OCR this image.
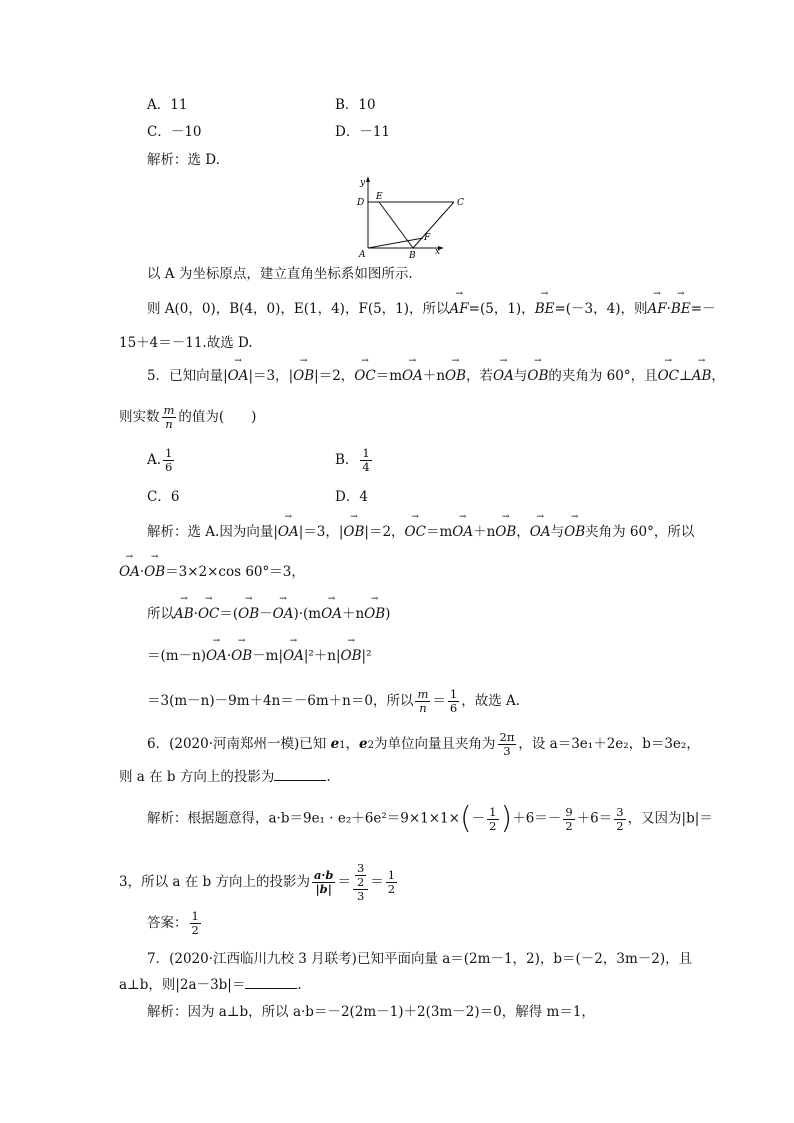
A．11	B．10
C．－10	D．－11
解析：选 D.
y
D
E
C
F
A	B x
以 A 为坐标原点，建立直角坐标系如图所示.
则 A(0，0)，B(4，0)，E(1，4)，F(5，1)，所以→ AF=(5，1)，→ BE=(－3，4)，则→ AF·→ BE=－
15＋4＝－11.故选 D.
5．已知向量|→ OA|＝3，|→ OB|＝2，→ OC＝m→ OA＋n→ OB，若→ OA与→ OB的夹角为 60°，且→ OC⊥→ AB，
则实数 $\frac{m}{n}$ 的值为(　　)
A. $\frac{1}{6}$	B． $\frac{1}{4}$
C．6	D．4
解析：选 A.因为向量|→ OA|＝3，|→ OB|＝2，→ OC＝m→ OA＋n→ OB，→ OA与→ OB夹角为 60°，所以
→ OA·→ OB＝3×2×cos 60°＝3，
所以→ AB·→ OC＝(→ OB－→ OA)·(m→ OA＋n→ OB)
＝(m－n)→ OA·→ OB－m|→ OA|²＋n|→ OB|²
＝3(m－n)－9m＋4n＝－6m＋n＝0，所以 $\frac{m}{n} = \frac{1}{6}$ ，故选 A.
6．(2020·河南郑州一模)已知 e1，e2为单位向量且夹角为 $\frac{2\pi}{3}$ ，设 a＝3e₁＋2e₂，b＝3e₂，
则 a 在 b 方向上的投影为	.
解析：根据题意得，$a\cdot b=9e_1 \cdot e_2+6e^2=9\times 1\times 1\times(- \frac{1}{2} )+6=- \frac{9}{2} +6= \frac{3}{2}$ ，又因为|b|＝
3，所以 a 在 b 方向上的投影为 $\frac{a\cdot b}{|b|} = \frac{\frac{3}{2}}{3} = \frac{1}{2}$
答案： $\frac{1}{2}$
7．(2020·江西临川九校 3 月联考)已知平面向量 a＝(2m－1，2)，b＝(－2，3m－2)，且
a⊥b，则|2a－3b|＝	.
解析：因为 a⊥b，所以 a·b＝－2(2m－1)＋2(3m－2)＝0，解得 m＝1，
